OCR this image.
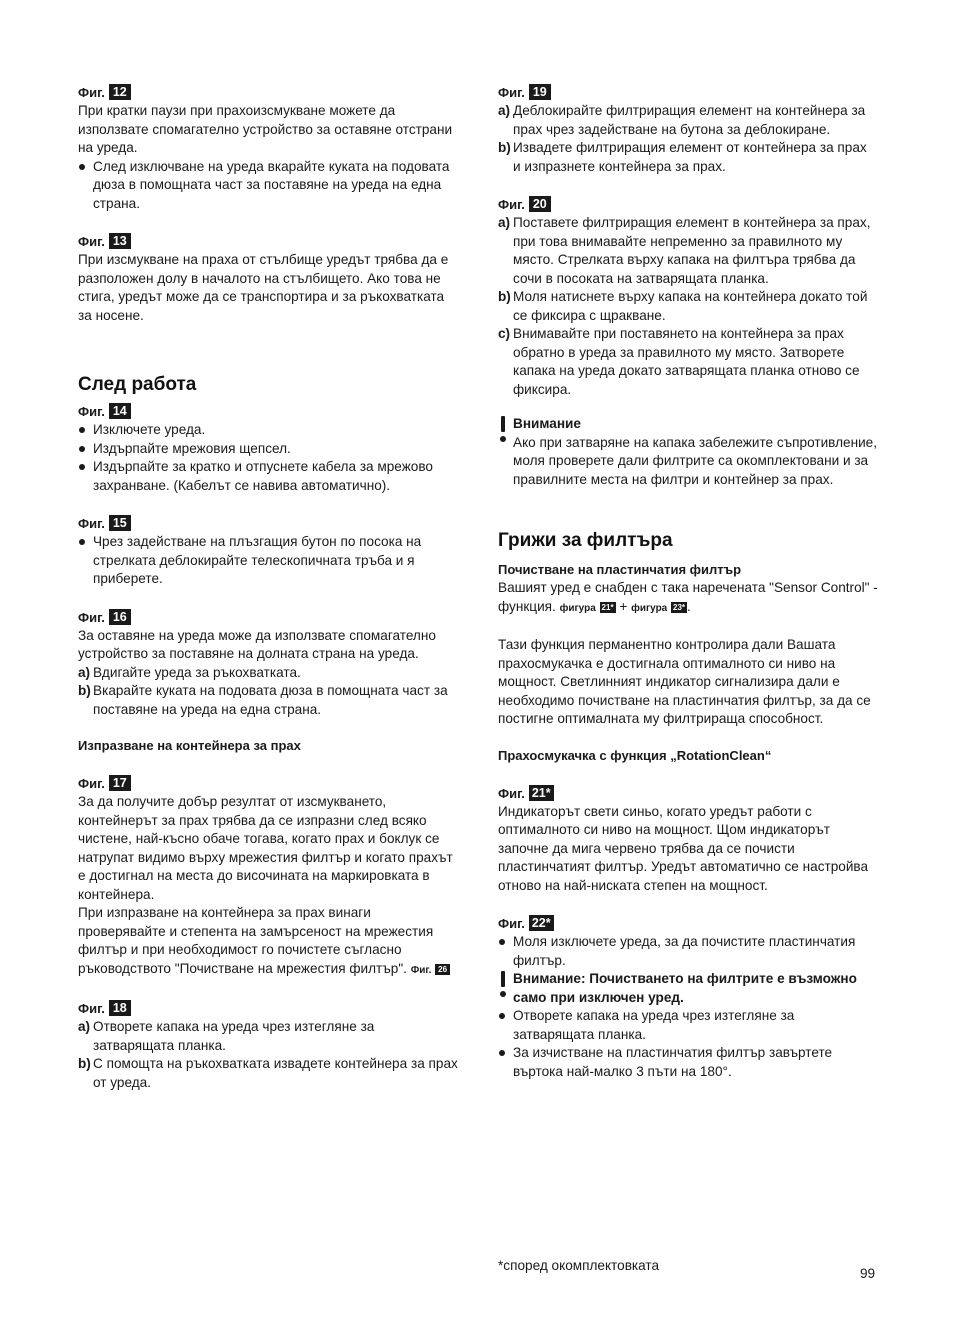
Фиг. 12

При кратки паузи при прахоизсмукване можете да използвате спомагателно устройство за оставяне отстрани на уреда.

След изключване на уреда вкарайте куката на подовата дюза в помощната част за поставяне на уреда на една страна.
Фиг. 13

При изсмукване на праха от стълбище уредът трябва да е разположен долу в началото на стълбището. Ако това не стига, уредът може да се транспортира и за ръкохватката за носене.

След работа
Фиг. 14
Изключете уреда.
Издърпайте мрежовия щепсел.
Издърпайте за кратко и отпуснете кабела за мрежово захранване. (Кабелът се навива автоматично).
Фиг. 15
Чрез задействане на плъзгащия бутон по посока на стрелката деблокирайте телескопичната тръба и я приберете.
Фиг. 16

За оставяне на уреда може да използвате спомагателно устройство за поставяне на долната страна на уреда.

a) Вдигайте уреда за ръкохватката.
b) Вкарайте куката на подовата дюза в помощната част за поставяне на уреда на една страна.
Изпразване на контейнера за прах
Фиг. 17

За да получите добър резултат от изсмукването, контейнерът за прах трябва да се изпразни след всяко чистене, най-късно обаче тогава, когато прах и боклук се натрупат видимо върху мрежестия филтър и когато прахът е достигнал на места до височината на маркировката в контейнера.

При изпразване на контейнера за прах винаги проверявайте и степента на замърсеност на мрежестия филтър и при необходимост го почистете съгласно ръководството "Почистване на мрежестия филтър". Фиг. 26

Фиг. 18
a) Отворете капака на уреда чрез изтегляне за затварящата планка.
b) С помощта на ръкохватката извадете контейнера за прах от уреда.
Фиг. 19
a) Деблокирайте филтриращия елемент на контейнера за прах чрез задействане на бутона за деблокиране.
b) Извадете филтриращия елемент от контейнера за прах и изпразнете контейнера за прах.
Фиг. 20
a) Поставете филтриращия елемент в контейнера за прах, при това внимавайте непременно за правилното му място. Стрелката върху капака на филтъра трябва да сочи в посоката на затварящата планка.
b) Моля натиснете върху капака на контейнера докато той се фиксира с щракване.
c) Внимавайте при поставянето на контейнера за прах обратно в уреда за правилното му място. Затворете капака на уреда докато затварящата планка отново се фиксира.

Внимание

Ако при затваряне на капака забележите съпротивление, моля проверете дали филтрите са окомплектовани и за правилните места на филтри и контейнер за прах.

Грижи за филтъра
Почистване на пластинчатия филтър

Вашият уред е снабден с така наречената "Sensor Control" - функция. фигура 21* + фигура 23* .

Тази функция перманентно контролира дали Вашата прахосмукачка е достигнала оптималното си ниво на мощност. Светлинният индикатор сигнализира дали е необходимо почистване на пластинчатия филтър, за да се постигне оптималната му филтрираща способност.

Прахосмукачка с функция „RotationClean“
Фиг. 21*

Индикаторът свети синьо, когато уредът работи с оптималното си ниво на мощност. Щом индикаторът започне да мига червено трябва да се почисти пластинчатият филтър. Уредът автоматично се настройва отново на най-ниската степен на мощност.

Фиг. 22*
Моля изключете уреда, за да почистите пластинчатия филтър.

Внимание: Почистването на филтрите е възможно само при изключен уред.

Отворете капака на уреда чрез изтегляне за затварящата планка.
За изчистване на пластинчатия филтър завъртете въртока най-малко 3 пъти на 180°.
*според окомплектовката
99
